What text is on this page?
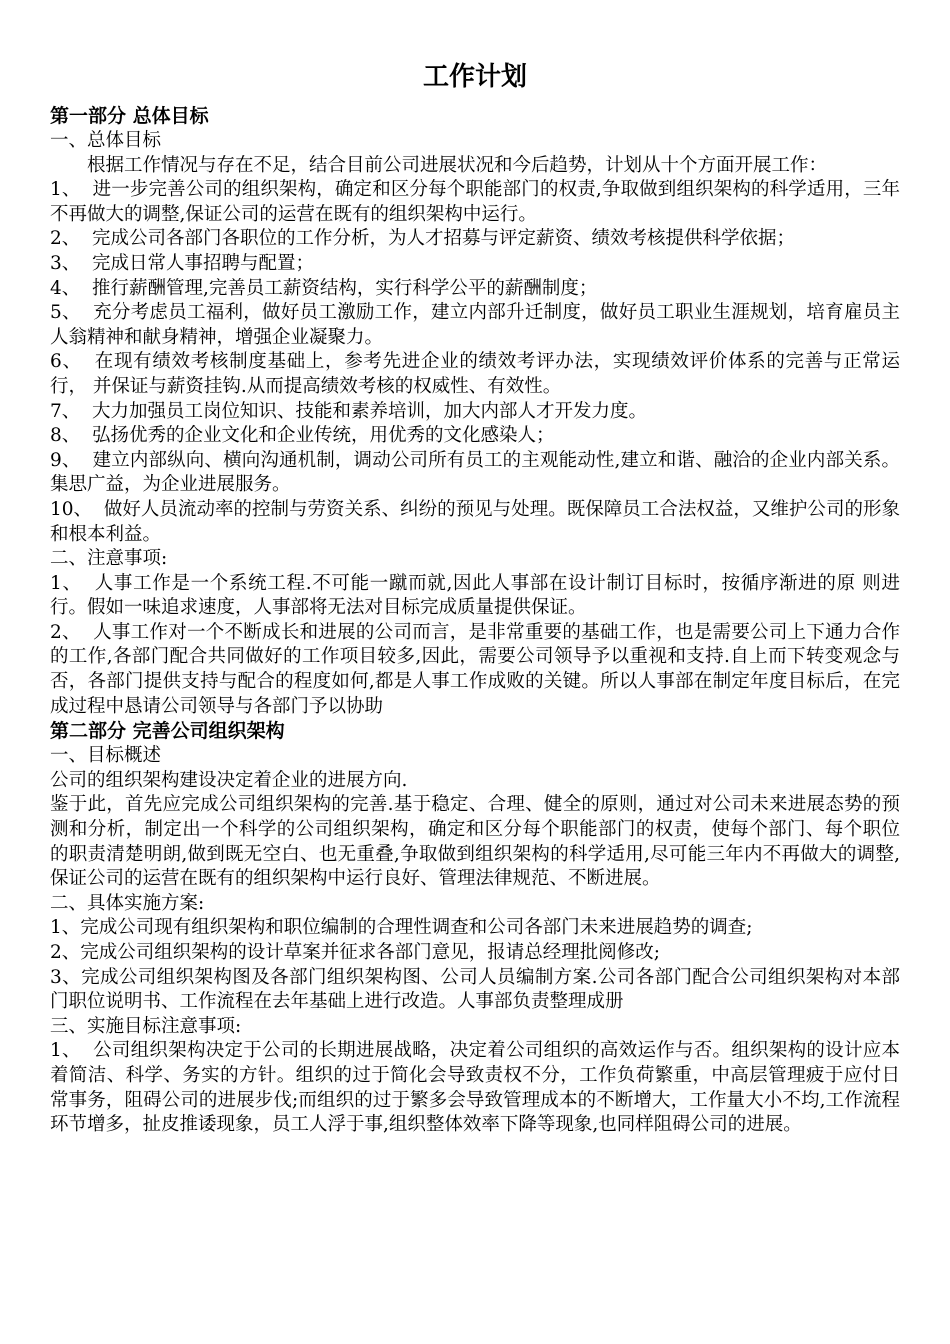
工作计划
第一部分 总体目标
一、总体目标
根据工作情况与存在不足，结合目前公司进展状况和今后趋势，计划从十个方面开展工作：
1、  进一步完善公司的组织架构，确定和区分每个职能部门的权责,争取做到组织架构的科学适用，三年不再做大的调整,保证公司的运营在既有的组织架构中运行。
2、  完成公司各部门各职位的工作分析，为人才招募与评定薪资、绩效考核提供科学依据；
3、  完成日常人事招聘与配置；
4、  推行薪酬管理,完善员工薪资结构，实行科学公平的薪酬制度；
5、  充分考虑员工福利，做好员工激励工作，建立内部升迁制度，做好员工职业生涯规划，培育雇员主 人翁精神和献身精神，增强企业凝聚力。
6、  在现有绩效考核制度基础上，参考先进企业的绩效考评办法，实现绩效评价体系的完善与正常运行， 并保证与薪资挂钩.从而提高绩效考核的权威性、有效性。
7、  大力加强员工岗位知识、技能和素养培训，加大内部人才开发力度。
8、  弘扬优秀的企业文化和企业传统，用优秀的文化感染人；
9、  建立内部纵向、横向沟通机制，调动公司所有员工的主观能动性,建立和谐、融洽的企业内部关系。集思广益，为企业进展服务。
10、  做好人员流动率的控制与劳资关系、纠纷的预见与处理。既保障员工合法权益，又维护公司的形象和根本利益。
二、注意事项:
1、  人事工作是一个系统工程.不可能一蹴而就,因此人事部在设计制订目标时，按循序渐进的原 则进行。假如一味追求速度，人事部将无法对目标完成质量提供保证。
2、  人事工作对一个不断成长和进展的公司而言，是非常重要的基础工作，也是需要公司上下通力合作的工作,各部门配合共同做好的工作项目较多,因此，需要公司领导予以重视和支持.自上而下转变观念与否，各部门提供支持与配合的程度如何,都是人事工作成败的关键。所以人事部在制定年度目标后，在完成过程中恳请公司领导与各部门予以协助
第二部分 完善公司组织架构
一、目标概述
公司的组织架构建设决定着企业的进展方向.
鉴于此，首先应完成公司组织架构的完善.基于稳定、合理、健全的原则，通过对公司未来进展态势的预测和分析，制定出一个科学的公司组织架构，确定和区分每个职能部门的权责，使每个部门、每个职位的职责清楚明朗,做到既无空白、也无重叠,争取做到组织架构的科学适用,尽可能三年内不再做大的调整,保证公司的运营在既有的组织架构中运行良好、管理法律规范、不断进展。
二、具体实施方案:
1、完成公司现有组织架构和职位编制的合理性调查和公司各部门未来进展趋势的调查;
2、完成公司组织架构的设计草案并征求各部门意见，报请总经理批阅修改;
3、完成公司组织架构图及各部门组织架构图、公司人员编制方案.公司各部门配合公司组织架构对本部门职位说明书、工作流程在去年基础上进行改造。人事部负责整理成册
三、实施目标注意事项:
1、  公司组织架构决定于公司的长期进展战略，决定着公司组织的高效运作与否。组织架构的设计应本着简洁、科学、务实的方针。组织的过于简化会导致责权不分，工作负荷繁重，中高层管理疲于应付日常事务，阻碍公司的进展步伐;而组织的过于繁多会导致管理成本的不断增大，工作量大小不均,工作流程环节增多，扯皮推诿现象，员工人浮于事,组织整体效率下降等现象,也同样阻碍公司的进展。
